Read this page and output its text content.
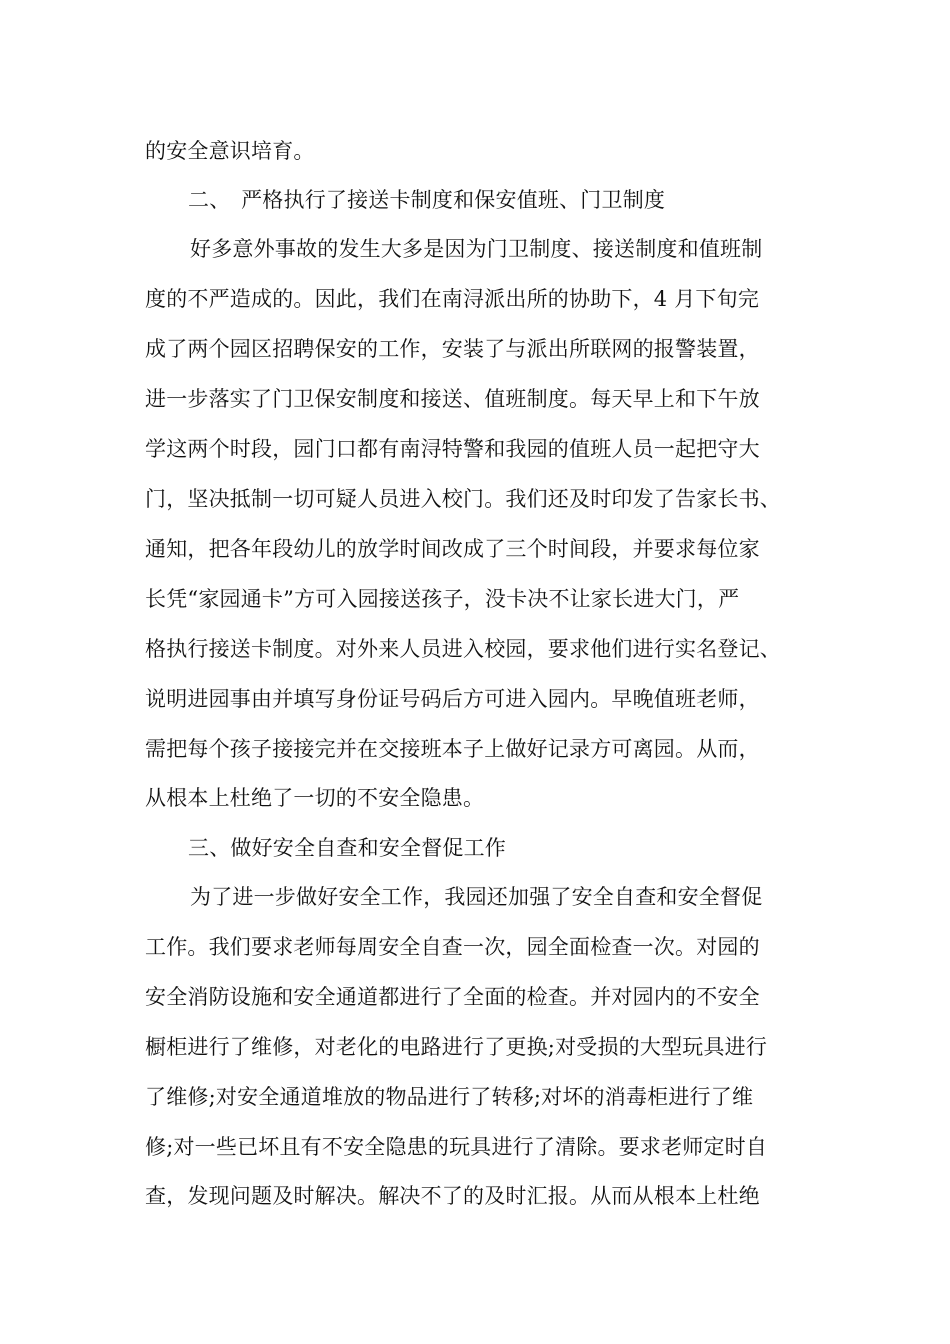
的安全意识培育。
二、　严格执行了接送卡制度和保安值班、门卫制度
好多意外事故的发生大多是因为门卫制度、接送制度和值班制
度的不严造成的。因此，我们在南浔派出所的协助下，4 月下旬完
成了两个园区招聘保安的工作，安装了与派出所联网的报警装置，
进一步落实了门卫保安制度和接送、值班制度。每天早上和下午放
学这两个时段，园门口都有南浔特警和我园的值班人员一起把守大
门，坚决抵制一切可疑人员进入校门。我们还及时印发了告家长书、
通知，把各年段幼儿的放学时间改成了三个时间段，并要求每位家
长凭“家园通卡”方可入园接送孩子，没卡决不让家长进大门，严
格执行接送卡制度。对外来人员进入校园，要求他们进行实名登记、
说明进园事由并填写身份证号码后方可进入园内。早晚值班老师，
需把每个孩子接接完并在交接班本子上做好记录方可离园。从而，
从根本上杜绝了一切的不安全隐患。
三、做好安全自查和安全督促工作
为了进一步做好安全工作，我园还加强了安全自查和安全督促
工作。我们要求老师每周安全自查一次，园全面检查一次。对园的
安全消防设施和安全通道都进行了全面的检查。并对园内的不安全
橱柜进行了维修，对老化的电路进行了更换;对受损的大型玩具进行
了维修;对安全通道堆放的物品进行了转移;对坏的消毒柜进行了维
修;对一些已坏且有不安全隐患的玩具进行了清除。要求老师定时自
查，发现问题及时解决。解决不了的及时汇报。从而从根本上杜绝
